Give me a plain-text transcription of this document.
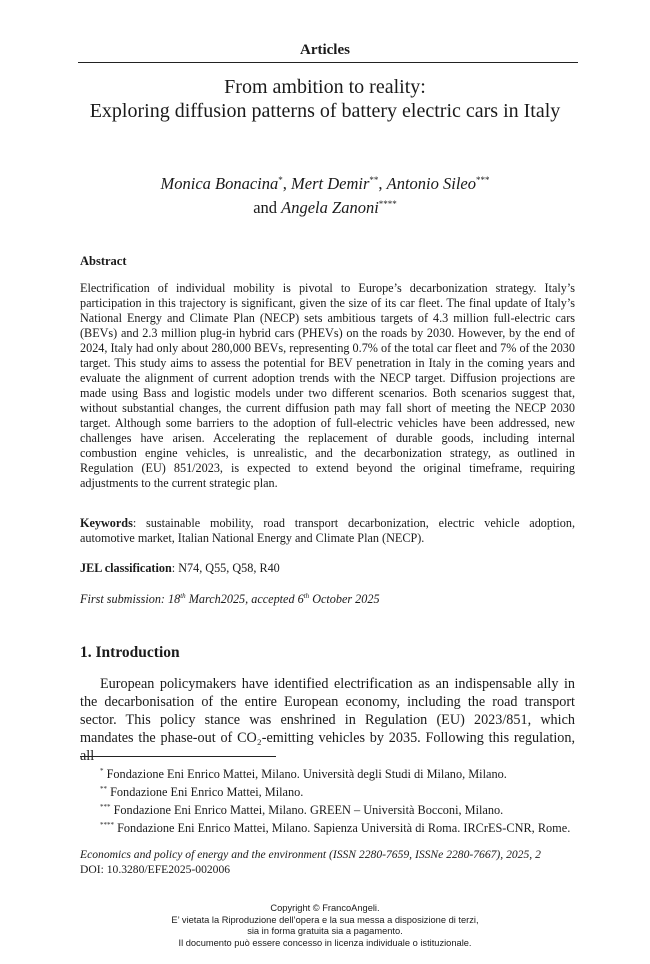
Articles
From ambition to reality:
Exploring diffusion patterns of battery electric cars in Italy
Monica Bonacina*, Mert Demir**, Antonio Sileo***
and Angela Zanoni****
Abstract
Electrification of individual mobility is pivotal to Europe’s decarbonization strategy. Italy’s participation in this trajectory is significant, given the size of its car fleet. The final update of Italy’s National Energy and Climate Plan (NECP) sets ambitious targets of 4.3 million full-electric cars (BEVs) and 2.3 million plug-in hybrid cars (PHEVs) on the roads by 2030. However, by the end of 2024, Italy had only about 280,000 BEVs, representing 0.7% of the total car fleet and 7% of the 2030 target. This study aims to assess the potential for BEV penetration in Italy in the coming years and evaluate the alignment of current adoption trends with the NECP target. Diffusion projections are made using Bass and logistic models under two different scenarios. Both scenarios suggest that, without substantial changes, the current diffusion path may fall short of meeting the NECP 2030 target. Although some barriers to the adoption of full-electric vehicles have been addressed, new challenges have arisen. Accelerating the replacement of durable goods, including internal combustion engine vehicles, is unrealistic, and the decarbonization strategy, as outlined in Regulation (EU) 851/2023, is expected to extend beyond the original timeframe, requiring adjustments to the current strategic plan.
Keywords: sustainable mobility, road transport decarbonization, electric vehicle adoption, automotive market, Italian National Energy and Climate Plan (NECP).
JEL classification: N74, Q55, Q58, R40
First submission: 18th March2025, accepted 6th October 2025
1. Introduction
European policymakers have identified electrification as an indispensable ally in the decarbonisation of the entire European economy, including the road transport sector. This policy stance was enshrined in Regulation (EU) 2023/851, which mandates the phase-out of CO₂-emitting vehicles by 2035. Following this regulation, all
* Fondazione Eni Enrico Mattei, Milano. Università degli Studi di Milano, Milano.
** Fondazione Eni Enrico Mattei, Milano.
*** Fondazione Eni Enrico Mattei, Milano. GREEN – Università Bocconi, Milano.
**** Fondazione Eni Enrico Mattei, Milano. Sapienza Università di Roma. IRCrES-CNR, Rome.
Economics and policy of energy and the environment (ISSN 2280-7659, ISSNe 2280-7667), 2025, 2
DOI: 10.3280/EFE2025-002006
Copyright © FrancoAngeli.
E’ vietata la Riproduzione dell’opera e la sua messa a disposizione di terzi,
sia in forma gratuita sia a pagamento.
Il documento può essere concesso in licenza individuale o istituzionale.
